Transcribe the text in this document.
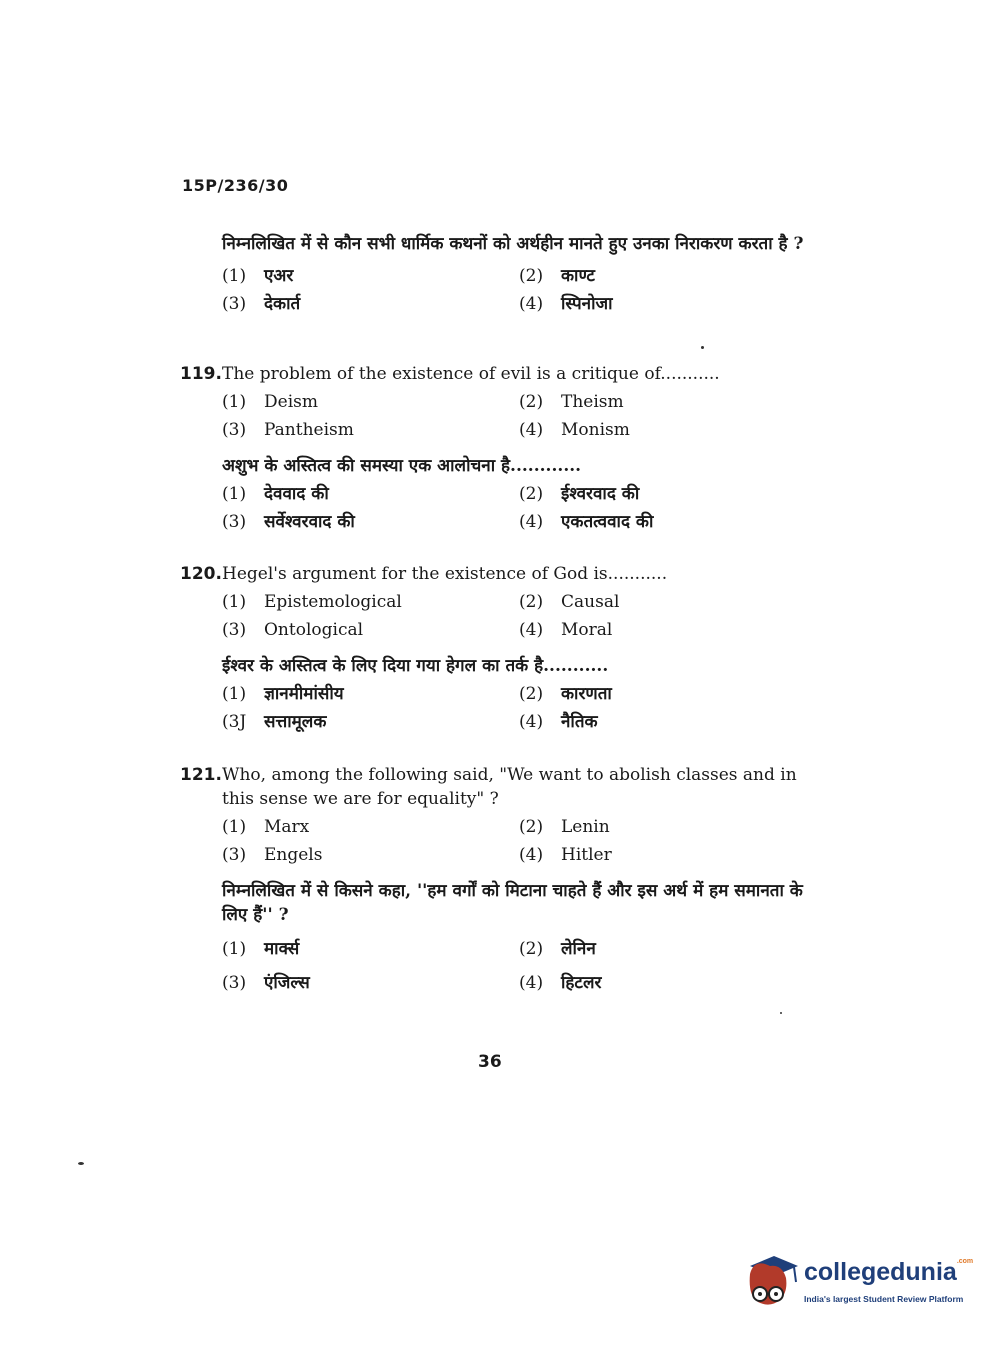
15P/236/30
निम्नलिखित में से कौन सभी धार्मिक कथनों को अर्थहीन मानते हुए उनका निराकरण करता है ?
(1) एअर	(2) काण्ट
(3) देकार्त	(4) स्पिनोजा
119. The problem of the existence of evil is a critique of...........
(1) Deism	(2) Theism
(3) Pantheism	(4) Monism
अशुभ के अस्तित्व की समस्या एक आलोचना है............
(1) देववाद की	(2) ईश्वरवाद की
(3) सर्वेश्वरवाद की	(4) एकतत्ववाद की
120. Hegel's argument for the existence of God is...........
(1) Epistemological	(2) Causal
(3) Ontological	(4) Moral
ईश्वर के अस्तित्व के लिए दिया गया हेगल का तर्क है...........
(1) ज्ञानमीमांसीय	(2) कारणता
(3J सत्तामूलक	(4) नैतिक
121. Who, among the following said, "We want to abolish classes and in
this sense we are for equality" ?
(1) Marx	(2) Lenin
(3) Engels	(4) Hitler
निम्नलिखित में से किसने कहा, ''हम वर्गों को मिटाना चाहते हैं और इस अर्थ में हम समानता के लिए हैं'' ?
(1) मार्क्स	(2) लेनिन
(3) एंजिल्स	(4) हिटलर
36
collegedunia$^{.com}$
India's largest Student Review Platform
